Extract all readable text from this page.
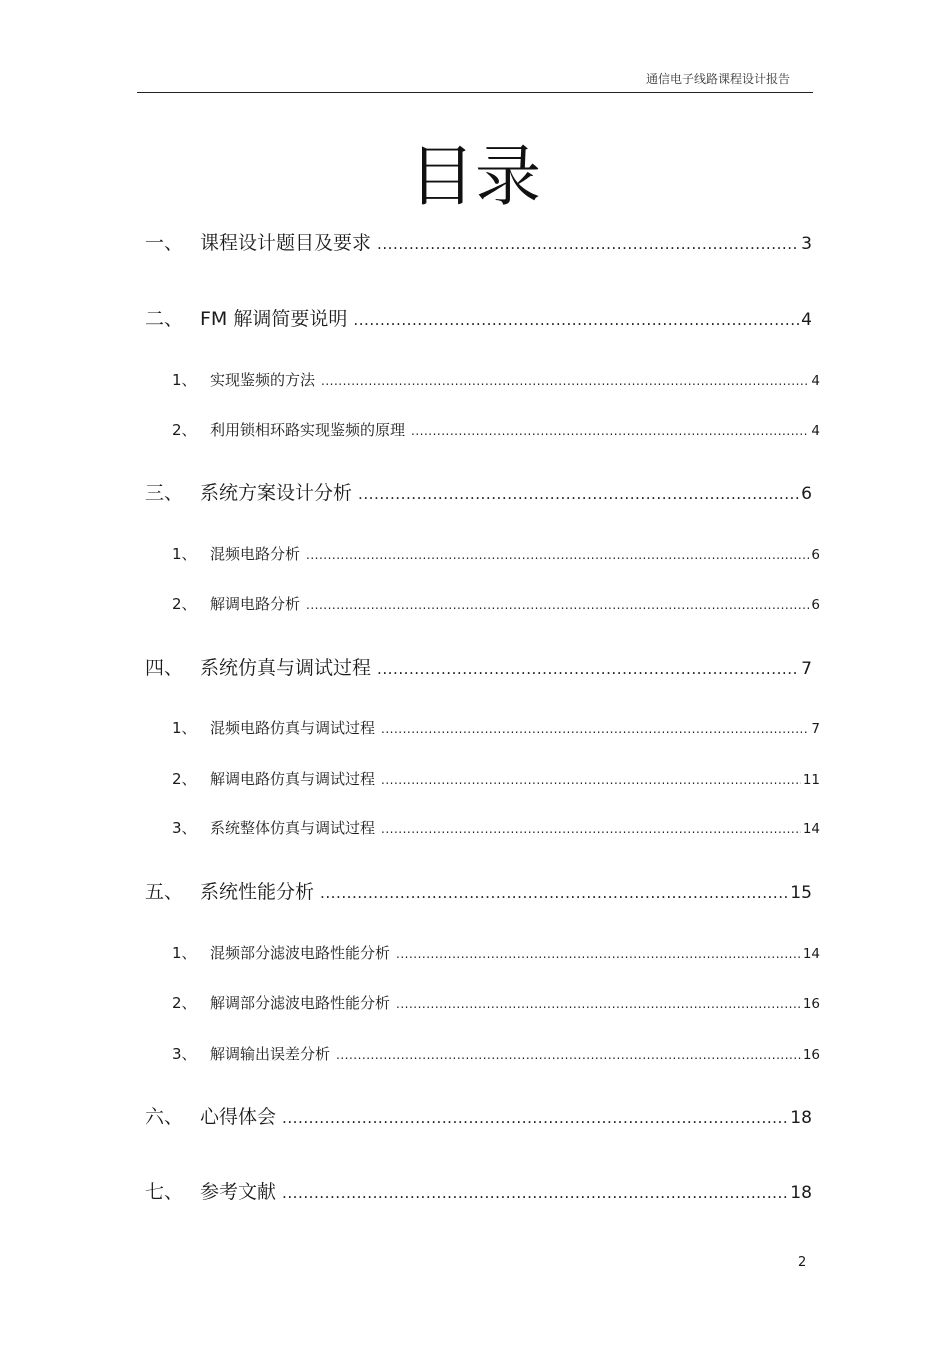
通信电子线路课程设计报告
目录
一、 课程设计题目及要求 .....	3
二、 FM 解调简要说明 .....	4
1、 实现鉴频的方法 .....	4
2、 利用锁相环路实现鉴频的原理 .....	4
三、 系统方案设计分析 .....	6
1、 混频电路分析 .....	6
2、 解调电路分析 .....	6
四、 系统仿真与调试过程 .....	7
1、 混频电路仿真与调试过程 .....	7
2、 解调电路仿真与调试过程 .....	11
3、 系统整体仿真与调试过程 .....	14
五、 系统性能分析 .....	15
1、 混频部分滤波电路性能分析 .....	14
2、 解调部分滤波电路性能分析 .....	16
3、 解调输出误差分析 .....	16
六、 心得体会 .....	18
七、 参考文献 .....	18
2
